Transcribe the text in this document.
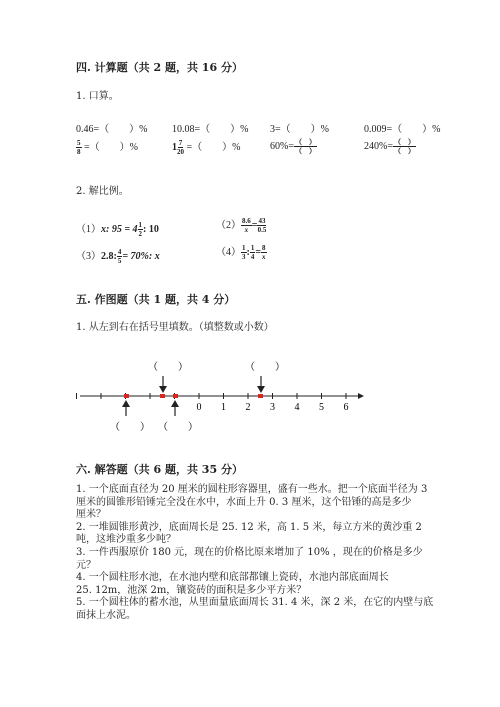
四. 计算题（共 2 题，共 16 分）
1. 口算。
0.46=（　　）% 10.08=（　　）% 3=（　　）%	0.009=（　　）%
$\frac{5}{8}$ =（　　）%	$1 \frac{7}{20}$ =（　　）%	$60\%= \frac{( )}{( )}$	$240\%= \frac{( )}{( )}$
2. 解比例。
（1）x: $95 = 4 \frac{1}{2}$ : 10	$(2) \frac{8.6}{x} = \frac{43}{0.5}$
（3）2.8: $\frac{4}{5} = 70\%$: x	$(4) \frac{1}{3}$ : $\frac{1}{4} = \frac{8}{x}$
五. 作图题（共 1 题，共 4 分）
1. 从左到右在括号里填数。（填整数或小数）
（　　）	（　　）
0 1 2 3 4 5 6
（　　） （　　）
六. 解答题（共 6 题，共 35 分）
1. 一个底面直径为 20 厘米的圆柱形容器里，盛有一些水。把一个底面半径为 3
厘米的圆锥形铅锤完全没在水中，水面上升 0. 3 厘米，这个铅锤的高是多少
厘米？
2. 一堆圆锥形黄沙，底面周长是 25. 12 米，高 1. 5 米，每立方米的黄沙重 2
吨，这堆沙重多少吨？
3. 一件西服原价 180 元，现在的价格比原来增加了 10% ，现在的价格是多少
元？
4. 一个圆柱形水池，在水池内壁和底部都镶上瓷砖，水池内部底面周长
25. 12m，池深 2m，镶瓷砖的面积是多少平方米？
5. 一个圆柱体的蓄水池，从里面量底面周长 31. 4 米，深 2 米，在它的内壁与底
面抹上水泥。
